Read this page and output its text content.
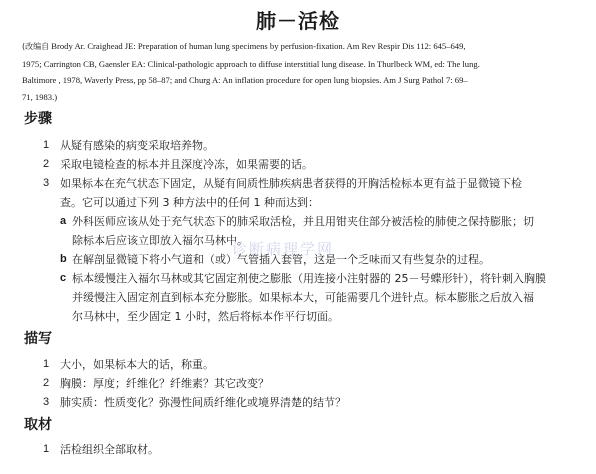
肺－活检
(改编自 Brody Ar. Craighead JE: Preparation of human lung specimens by perfusion-fixation. Am Rev Respir Dis 112: 645–649,
1975; Carrington CB, Gaensler EA: Clinical-pathologic approach to diffuse interstitial lung disease. In Thurlbeck WM, ed: The lung.
Baltimore , 1978, Waverly Press, pp 58–87; and Churg A: An inflation procedure for open lung biopsies. Am J Surg Pathol 7: 69–
71, 1983.)
步骤
1 从疑有感染的病变采取培养物。
2 采取电镜检查的标本并且深度冷冻，如果需要的话。
3 如果标本在充气状态下固定，从疑有间质性肺疾病患者获得的开胸活检标本更有益于显微镜下检
查。它可以通过下列 3 种方法中的任何 1 种而达到：
a 外科医师应该从处于充气状态下的肺采取活检，并且用钳夹住部分被活检的肺使之保持膨胀；切
除标本后应该立即放入福尔马林中。
b 在解剖显微镜下将小气道和（或）气管插入套管，这是一个乏味而又有些复杂的过程。
c 标本缓慢注入福尔马林或其它固定剂使之膨胀（用连接小注射器的 25－号蝶形针），将针刺入胸膜
并缓慢注入固定剂直到标本充分膨胀。如果标本大，可能需要几个进针点。标本膨胀之后放入福
尔马林中，至少固定 1 小时，然后将标本作平行切面。
诊断病理学网
描写
1 大小，如果标本大的话，称重。
2 胸膜：厚度；纤维化？纤维素？其它改变？
3 肺实质：性质变化？弥漫性间质纤维化或境界清楚的结节？
取材
1 活检组织全部取材。
